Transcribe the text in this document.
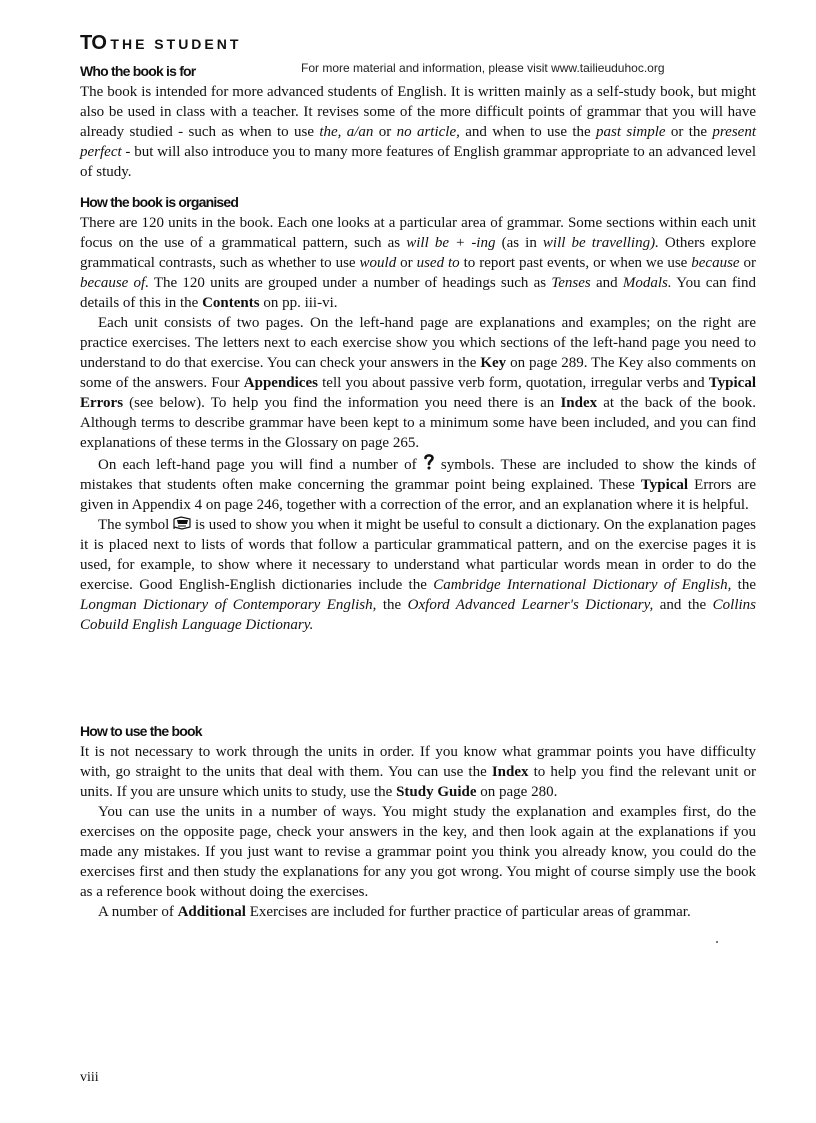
TO THE STUDENT
For more material and information, please visit www.tailieuduhoc.org
Who the book is for

The book is intended for more advanced students of English. It is written mainly as a self-study book, but might also be used in class with a teacher. It revises some of the more difficult points of grammar that you will have already studied - such as when to use the, a/an or no article, and when to use the past simple or the present perfect - but will also introduce you to many more features of English grammar appropriate to an advanced level of study.

How the book is organised

There are 120 units in the book. Each one looks at a particular area of grammar. Some sections within each unit focus on the use of a grammatical pattern, such as will be + -ing (as in will be travelling). Others explore grammatical contrasts, such as whether to use would or used to to report past events, or when we use because or because of. The 120 units are grouped under a number of headings such as Tenses and Modals. You can find details of this in the Contents on pp. iii-vi.

Each unit consists of two pages. On the left-hand page are explanations and examples; on the right are practice exercises. The letters next to each exercise show you which sections of the left-hand page you need to understand to do that exercise. You can check your answers in the Key on page 289. The Key also comments on some of the answers. Four Appendices tell you about passive verb form, quotation, irregular verbs and Typical Errors (see below). To help you find the information you need there is an Index at the back of the book. Although terms to describe grammar have been kept to a minimum some have been included, and you can find explanations of these terms in the Glossary on page 265.

On each left-hand page you will find a number of  symbols. These are included to show the kinds of mistakes that students often make concerning the grammar point being explained. These Typical Errors are given in Appendix 4 on page 246, together with a correction of the error, and an explanation where it is helpful.

The symbol  is used to show you when it might be useful to consult a dictionary. On the explanation pages it is placed next to lists of words that follow a particular grammatical pattern, and on the exercise pages it is used, for example, to show where it necessary to understand what particular words mean in order to do the exercise. Good English-English dictionaries include the Cambridge International Dictionary of English, the Longman Dictionary of Contemporary English, the Oxford Advanced Learner's Dictionary, and the Collins Cobuild English Language Dictionary.

How to use the book

It is not necessary to work through the units in order. If you know what grammar points you have difficulty with, go straight to the units that deal with them. You can use the Index to help you find the relevant unit or units. If you are unsure which units to study, use the Study Guide on page 280.

You can use the units in a number of ways. You might study the explanation and examples first, do the exercises on the opposite page, check your answers in the key, and then look again at the explanations if you made any mistakes. If you just want to revise a grammar point you think you already know, you could do the exercises first and then study the explanations for any you got wrong. You might of course simply use the book as a reference book without doing the exercises.

A number of Additional Exercises are included for further practice of particular areas of grammar.

viii
